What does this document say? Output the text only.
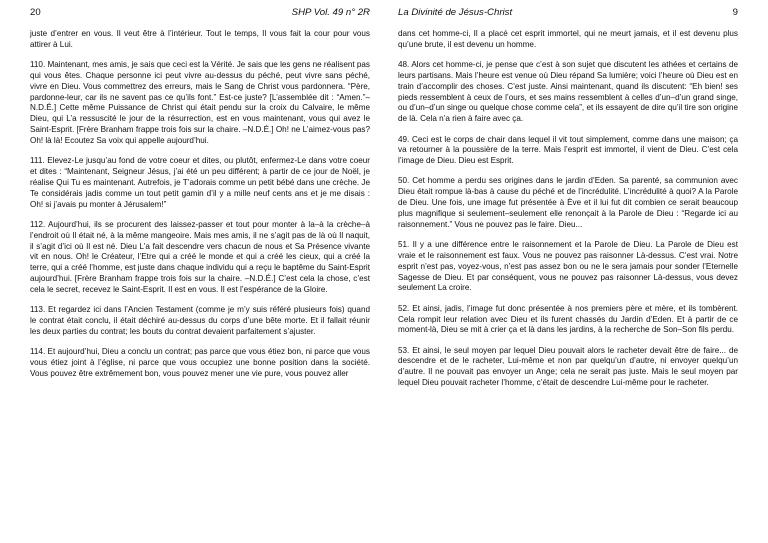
20	SHP Vol. 49 n° 2R

juste d’entrer en vous. Il veut être à l’intérieur. Tout le temps, Il vous fait la cour pour vous attirer à Lui.

110. Maintenant, mes amis, je sais que ceci est la Vérité. Je sais que les gens ne réalisent pas qui vous êtes. Chaque personne ici peut vivre au-dessus du péché, peut vivre sans péché, vivre en Dieu. Vous commettrez des erreurs, mais le Sang de Christ vous pardonnera. “Père, pardonne-leur, car ils ne savent pas ce qu’ils font.” Est-ce juste? [L’assemblée dit : “Amen.”–N.D.É.] Cette même Puissance de Christ qui était pendu sur la croix du Calvaire, le même Dieu, qui L’a ressuscité le jour de la résurrection, est en vous maintenant, vous qui avez le Saint-Esprit. [Frère Branham frappe trois fois sur la chaire. –N.D.É.] Oh! ne L’aimez-vous pas? Oh! là là! Ecoutez Sa voix qui appelle aujourd’hui.

111. Elevez-Le jusqu’au fond de votre coeur et dites, ou plutôt, enfermez-Le dans votre coeur et dites : “Maintenant, Seigneur Jésus, j’ai été un peu différent; à partir de ce jour de Noël, je réalise Qui Tu es maintenant. Autrefois, je T’adorais comme un petit bébé dans une crèche. Je Te considérais jadis comme un tout petit gamin d’il y a mille neuf cents ans et je me disais : Oh! si j’avais pu monter à Jérusalem!”

112. Aujourd’hui, ils se procurent des laissez-passer et tout pour monter à la–à la crèche–à l’endroit où Il était né, à la même mangeoire. Mais mes amis, il ne s’agit pas de là où Il naquit, il s’agit d’ici où Il est né. Dieu L’a fait descendre vers chacun de nous et Sa Présence vivante vit en nous. Oh! le Créateur, l’Etre qui a créé le monde et qui a créé les cieux, qui a créé la terre, qui a créé l’homme, est juste dans chaque individu qui a reçu le baptême du Saint-Esprit aujourd’hui. [Frère Branham frappe trois fois sur la chaire. –N.D.É.] C’est cela la chose, c’est cela le secret, recevez le Saint-Esprit. Il est en vous. Il est l’espérance de la Gloire.

113. Et regardez ici dans l’Ancien Testament (comme je m’y suis référé plusieurs fois) quand le contrat était conclu, il était déchiré au-dessus du corps d’une bête morte. Et il fallait réunir les deux parties du contrat; les bouts du contrat devaient parfaitement s’ajuster.

114. Et aujourd’hui, Dieu a conclu un contrat; pas parce que vous étiez bon, ni parce que vous vous étiez joint à l’église, ni parce que vous occupiez une bonne position dans la société. Vous pouvez être extrêmement bon, vous pouvez mener une vie pure, vous pouvez aller

La Divinité de Jésus-Christ	9

dans cet homme-ci, Il a placé cet esprit immortel, qui ne meurt jamais, et il est devenu plus qu’une brute, il est devenu un homme.

48. Alors cet homme-ci, je pense que c’est à son sujet que discutent les athées et certains de leurs partisans. Mais l’heure est venue où Dieu répand Sa lumière; voici l’heure où Dieu est en train d’accomplir des choses. C’est juste. Ainsi maintenant, quand ils discutent: “Eh bien! ses pieds ressemblent à ceux de l’ours, et ses mains ressemblent à celles d’un–d’un grand singe, ou d’un–d’un singe ou quelque chose comme cela”, et ils essayent de dire qu’il tire son origine de là. Cela n’a rien à faire avec ça.

49. Ceci est le corps de chair dans lequel il vit tout simplement, comme dans une maison; ça va retourner à la poussière de la terre. Mais l’esprit est immortel, il vient de Dieu. C’est cela l’image de Dieu. Dieu est Esprit.

50. Cet homme a perdu ses origines dans le jardin d’Eden. Sa parenté, sa communion avec Dieu était rompue là-bas à cause du péché et de l’incrédulité. L’incrédulité à quoi? A la Parole de Dieu. Une fois, une image fut présentée à Ève et il lui fut dit combien ce serait beaucoup plus magnifique si seulement–seulement elle renonçait à la Parole de Dieu : “Regarde ici au raisonnement.” Vous ne pouvez pas le faire. Dieu...

51. Il y a une différence entre le raisonnement et la Parole de Dieu. La Parole de Dieu est vraie et le raisonnement est faux. Vous ne pouvez pas raisonner Là-dessus. C’est vrai. Notre esprit n’est pas, voyez-vous, n’est pas assez bon ou ne le sera jamais pour sonder l’Eternelle Sagesse de Dieu. Et par conséquent, vous ne pouvez pas raisonner Là-dessus, vous devez seulement La croire.

52. Et ainsi, jadis, l’image fut donc présentée à nos premiers père et mère, et ils tombèrent. Cela rompit leur relation avec Dieu et ils furent chassés du Jardin d’Eden. Et à partir de ce moment-là, Dieu se mit à crier ça et là dans les jardins, à la recherche de Son–Son fils perdu.

53. Et ainsi, le seul moyen par lequel Dieu pouvait alors le racheter devait être de faire... de descendre et de le racheter, Lui-même et non par quelqu’un d’autre, ni envoyer quelqu’un d’autre. Il ne pouvait pas envoyer un Ange; cela ne serait pas juste. Mais le seul moyen par lequel Dieu pouvait racheter l’homme, c’était de descendre Lui-même pour le racheter.
